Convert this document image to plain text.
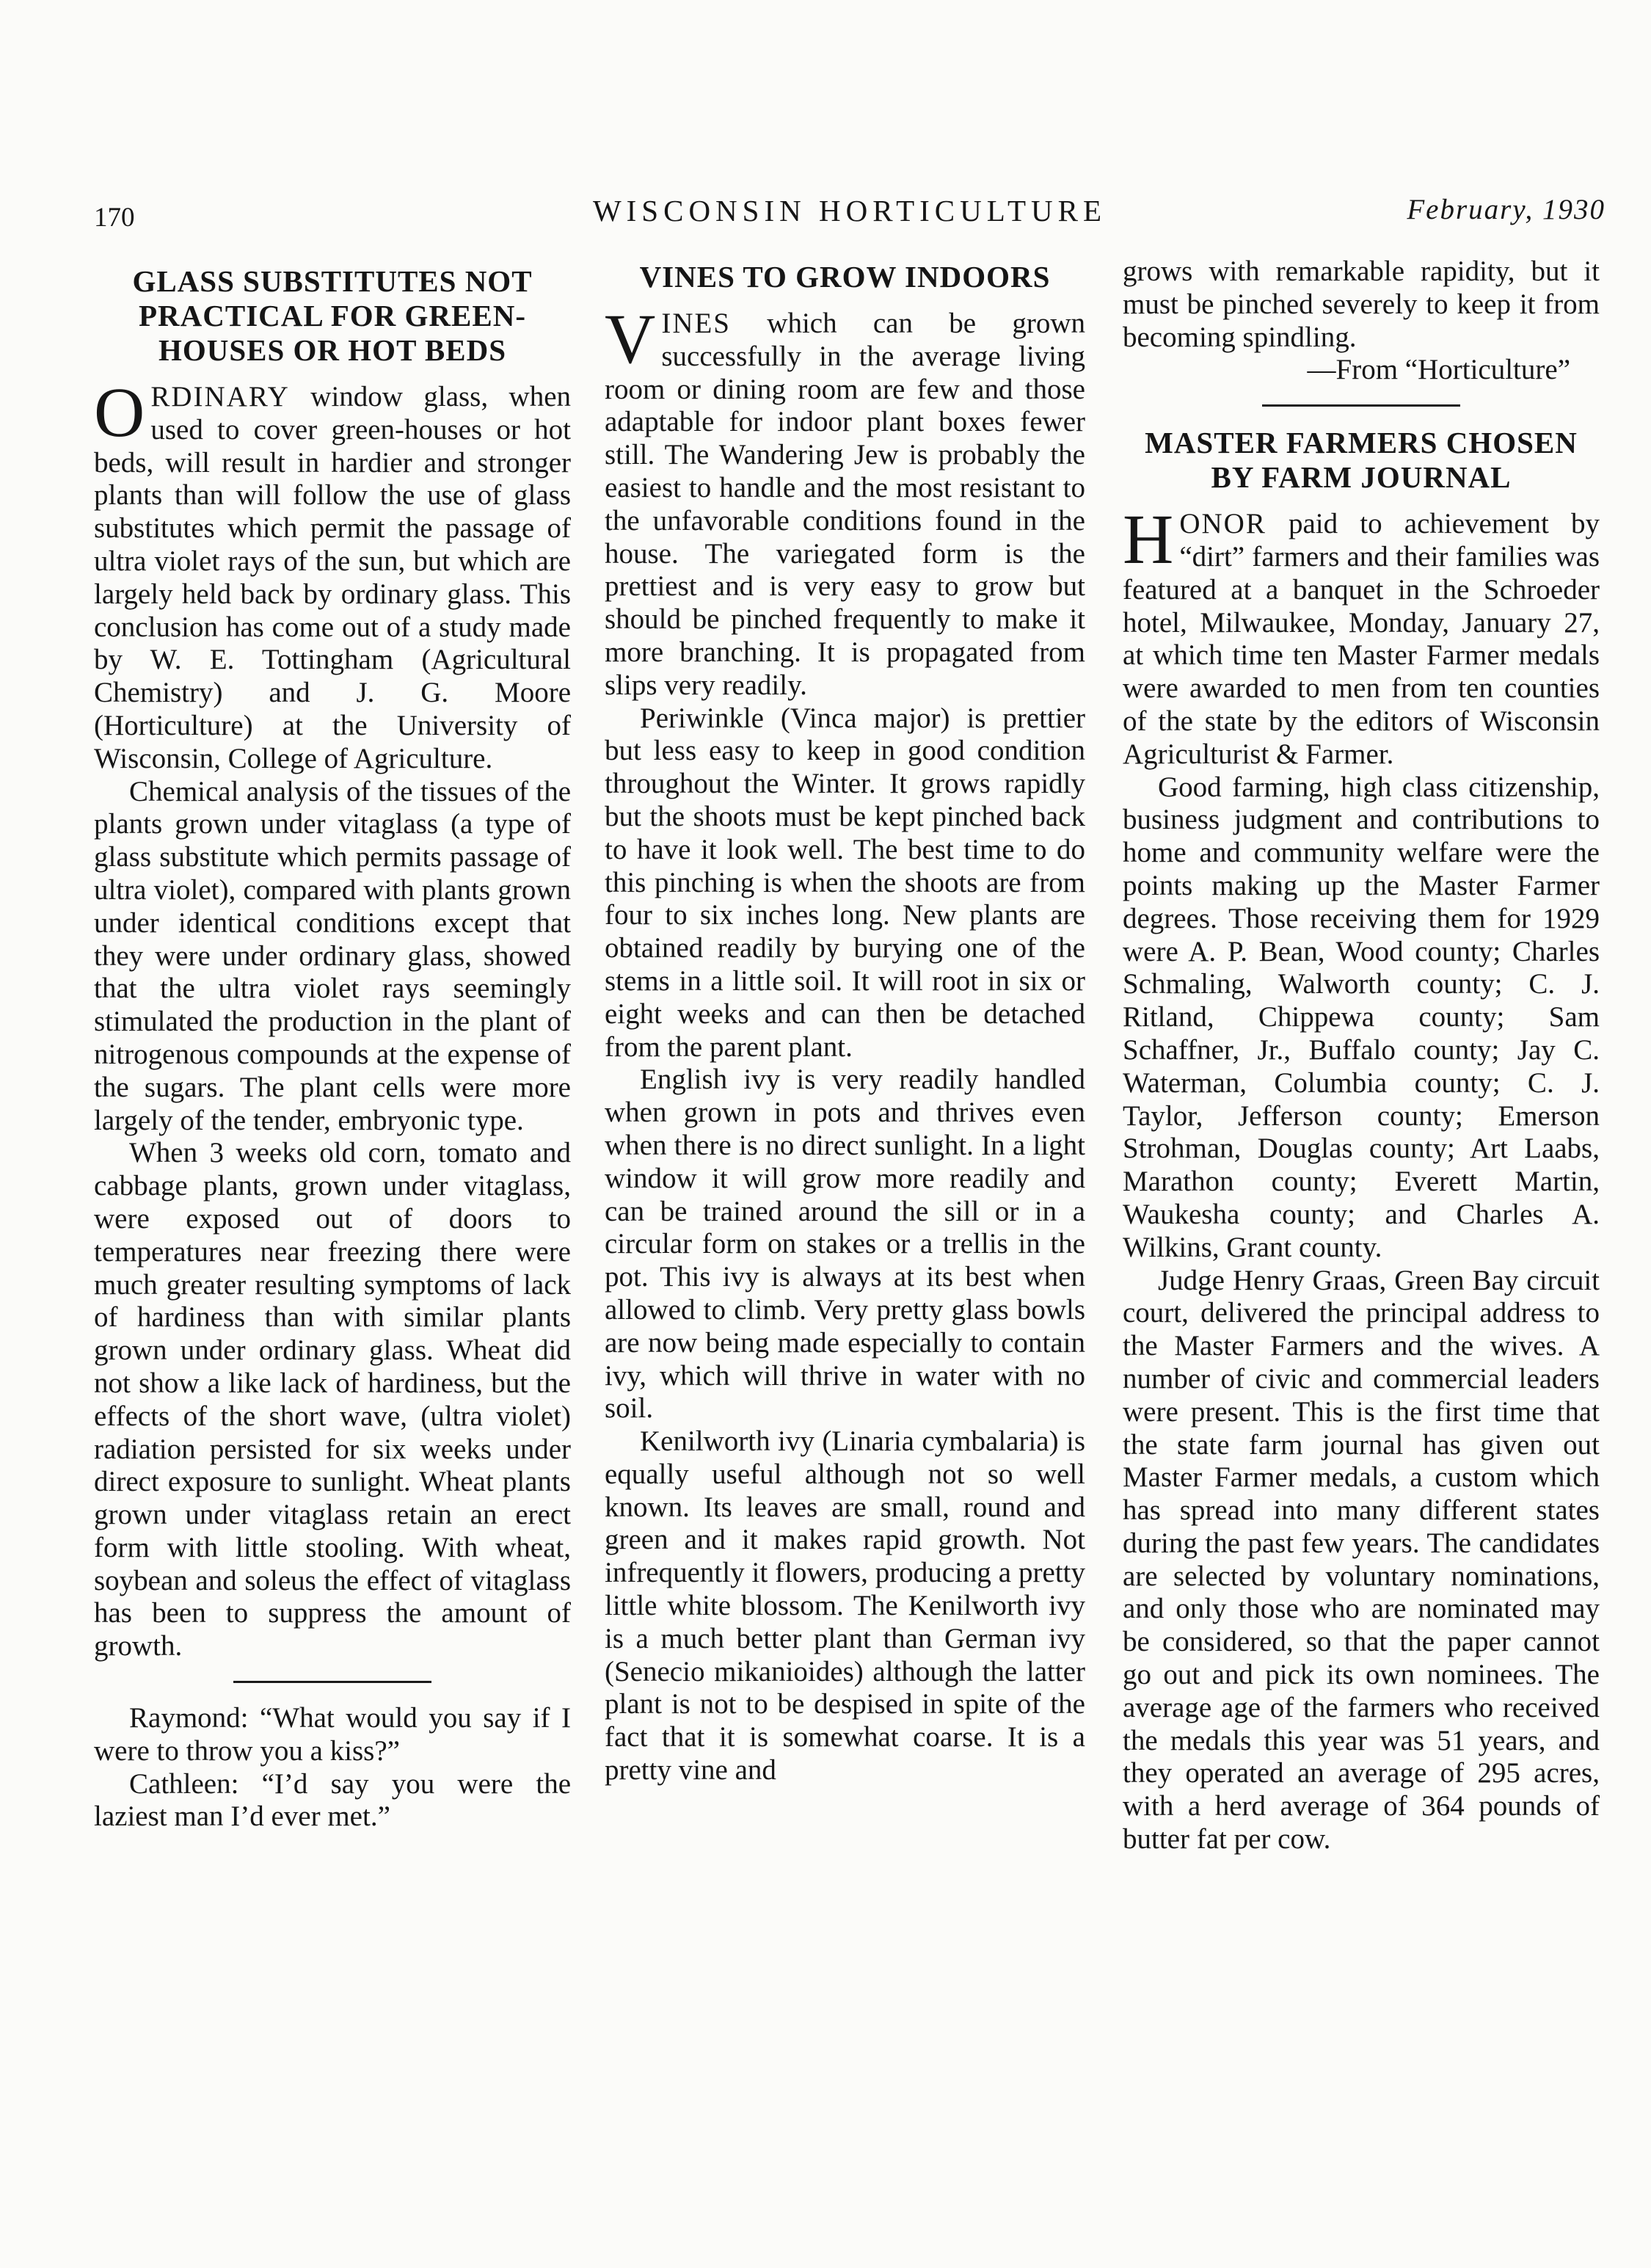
170	WISCONSIN HORTICULTURE	February, 1930
GLASS SUBSTITUTES NOT PRACTICAL FOR GREEN-HOUSES OR HOT BEDS

ORDINARY window glass, when used to cover green-houses or hot beds, will result in hardier and stronger plants than will follow the use of glass substitutes which permit the passage of ultra violet rays of the sun, but which are largely held back by ordinary glass. This conclusion has come out of a study made by W. E. Tottingham (Agricultural Chemistry) and J. G. Moore (Horticulture) at the University of Wisconsin, College of Agriculture.

Chemical analysis of the tissues of the plants grown under vitaglass (a type of glass substitute which permits passage of ultra violet), compared with plants grown under identical conditions except that they were under ordinary glass, showed that the ultra violet rays seemingly stimulated the production in the plant of nitrogenous compounds at the expense of the sugars. The plant cells were more largely of the tender, embryonic type.

When 3 weeks old corn, tomato and cabbage plants, grown under vitaglass, were exposed out of doors to temperatures near freezing there were much greater resulting symptoms of lack of hardiness than with similar plants grown under ordinary glass. Wheat did not show a like lack of hardiness, but the effects of the short wave, (ultra violet) radiation persisted for six weeks under direct exposure to sunlight. Wheat plants grown under vitaglass retain an erect form with little stooling. With wheat, soybean and soleus the effect of vitaglass has been to suppress the amount of growth.

Raymond: “What would you say if I were to throw you a kiss?”

Cathleen: “I’d say you were the laziest man I’d ever met.”

VINES TO GROW INDOORS

VINES which can be grown successfully in the average living room or dining room are few and those adaptable for indoor plant boxes fewer still. The Wandering Jew is probably the easiest to handle and the most resistant to the unfavorable conditions found in the house. The variegated form is the prettiest and is very easy to grow but should be pinched frequently to make it more branching. It is propagated from slips very readily.

Periwinkle (Vinca major) is prettier but less easy to keep in good condition throughout the Winter. It grows rapidly but the shoots must be kept pinched back to have it look well. The best time to do this pinching is when the shoots are from four to six inches long. New plants are obtained readily by burying one of the stems in a little soil. It will root in six or eight weeks and can then be detached from the parent plant.

English ivy is very readily handled when grown in pots and thrives even when there is no direct sunlight. In a light window it will grow more readily and can be trained around the sill or in a circular form on stakes or a trellis in the pot. This ivy is always at its best when allowed to climb. Very pretty glass bowls are now being made especially to contain ivy, which will thrive in water with no soil.

Kenilworth ivy (Linaria cymbalaria) is equally useful although not so well known. Its leaves are small, round and green and it makes rapid growth. Not infrequently it flowers, producing a pretty little white blossom. The Kenilworth ivy is a much better plant than German ivy (Senecio mikanioides) although the latter plant is not to be despised in spite of the fact that it is somewhat coarse. It is a pretty vine and

grows with remarkable rapidity, but it must be pinched severely to keep it from becoming spindling.

—From “Horticulture”

MASTER FARMERS CHOSEN BY FARM JOURNAL

HONOR paid to achievement by “dirt” farmers and their families was featured at a banquet in the Schroeder hotel, Milwaukee, Monday, January 27, at which time ten Master Farmer medals were awarded to men from ten counties of the state by the editors of Wisconsin Agriculturist & Farmer.

Good farming, high class citizenship, business judgment and contributions to home and community welfare were the points making up the Master Farmer degrees. Those receiving them for 1929 were A. P. Bean, Wood county; Charles Schmaling, Walworth county; C. J. Ritland, Chippewa county; Sam Schaffner, Jr., Buffalo county; Jay C. Waterman, Columbia county; C. J. Taylor, Jefferson county; Emerson Strohman, Douglas county; Art Laabs, Marathon county; Everett Martin, Waukesha county; and Charles A. Wilkins, Grant county.

Judge Henry Graas, Green Bay circuit court, delivered the principal address to the Master Farmers and the wives. A number of civic and commercial leaders were present. This is the first time that the state farm journal has given out Master Farmer medals, a custom which has spread into many different states during the past few years. The candidates are selected by voluntary nominations, and only those who are nominated may be considered, so that the paper cannot go out and pick its own nominees. The average age of the farmers who received the medals this year was 51 years, and they operated an average of 295 acres, with a herd average of 364 pounds of butter fat per cow.
